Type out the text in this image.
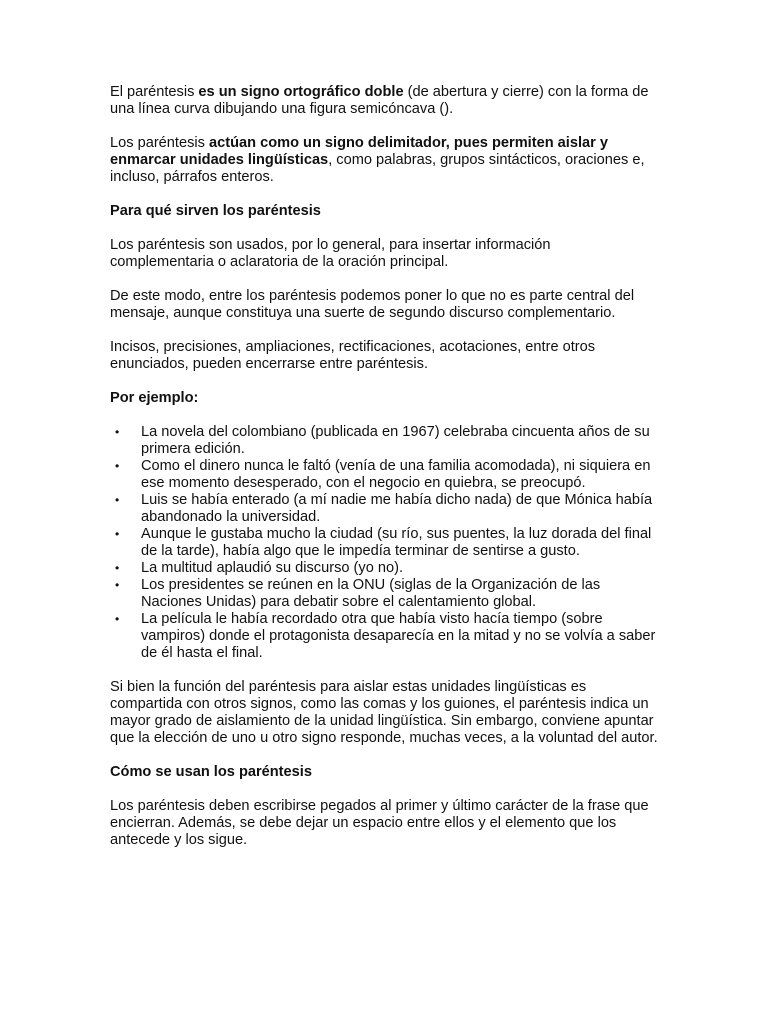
El paréntesis es un signo ortográfico doble (de abertura y cierre) con la forma de una línea curva dibujando una figura semicóncava ().

Los paréntesis actúan como un signo delimitador, pues permiten aislar y enmarcar unidades lingüísticas, como palabras, grupos sintácticos, oraciones e, incluso, párrafos enteros.

Para qué sirven los paréntesis

Los paréntesis son usados, por lo general, para insertar información complementaria o aclaratoria de la oración principal.

De este modo, entre los paréntesis podemos poner lo que no es parte central del mensaje, aunque constituya una suerte de segundo discurso complementario.

Incisos, precisiones, ampliaciones, rectificaciones, acotaciones, entre otros enunciados, pueden encerrarse entre paréntesis.

Por ejemplo:
• La novela del colombiano (publicada en 1967) celebraba cincuenta años de su primera edición.
• Como el dinero nunca le faltó (venía de una familia acomodada), ni siquiera en ese momento desesperado, con el negocio en quiebra, se preocupó.
• Luis se había enterado (a mí nadie me había dicho nada) de que Mónica había abandonado la universidad.
• Aunque le gustaba mucho la ciudad (su río, sus puentes, la luz dorada del final de la tarde), había algo que le impedía terminar de sentirse a gusto.
• La multitud aplaudió su discurso (yo no).
• Los presidentes se reúnen en la ONU (siglas de la Organización de las Naciones Unidas) para debatir sobre el calentamiento global.
• La película le había recordado otra que había visto hacía tiempo (sobre vampiros) donde el protagonista desaparecía en la mitad y no se volvía a saber de él hasta el final.

Si bien la función del paréntesis para aislar estas unidades lingüísticas es compartida con otros signos, como las comas y los guiones, el paréntesis indica un mayor grado de aislamiento de la unidad lingüística. Sin embargo, conviene apuntar que la elección de uno u otro signo responde, muchas veces, a la voluntad del autor.

Cómo se usan los paréntesis

Los paréntesis deben escribirse pegados al primer y último carácter de la frase que encierran. Además, se debe dejar un espacio entre ellos y el elemento que los antecede y los sigue.
